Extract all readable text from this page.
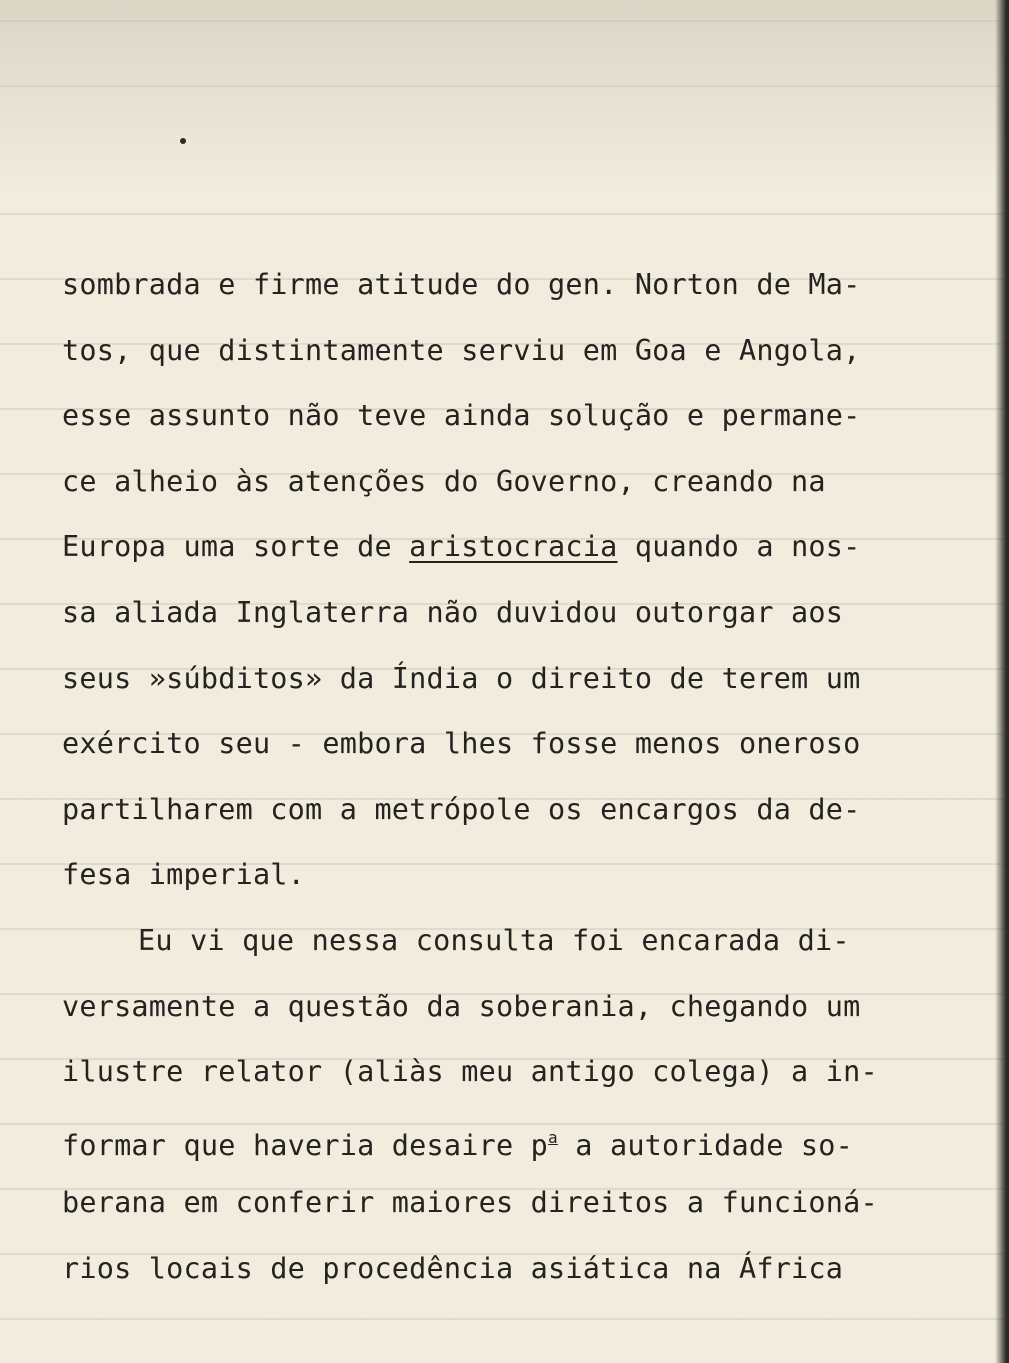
sombrada e firme atitude do gen. Norton de Ma-
tos, que distintamente serviu em Goa e Angola,
esse assunto não teve ainda solução e permane-
ce alheio às atenções do Governo, creando na
Europa uma sorte de aristocracia quando a nos-
sa aliada Inglaterra não duvidou outorgar aos
seus »súbditos» da Índia o direito de terem um
exército seu - embora lhes fosse menos oneroso
partilharem com a metrópole os encargos da de-
fesa imperial.
Eu vi que nessa consulta foi encarada di-
versamente a questão da soberania, chegando um
ilustre relator (aliàs meu antigo colega) a in-
formar que haveria desaire $p^a$ a autoridade so-
berana em conferir maiores direitos a funcioná-
rios locais de procedência asiática na África
